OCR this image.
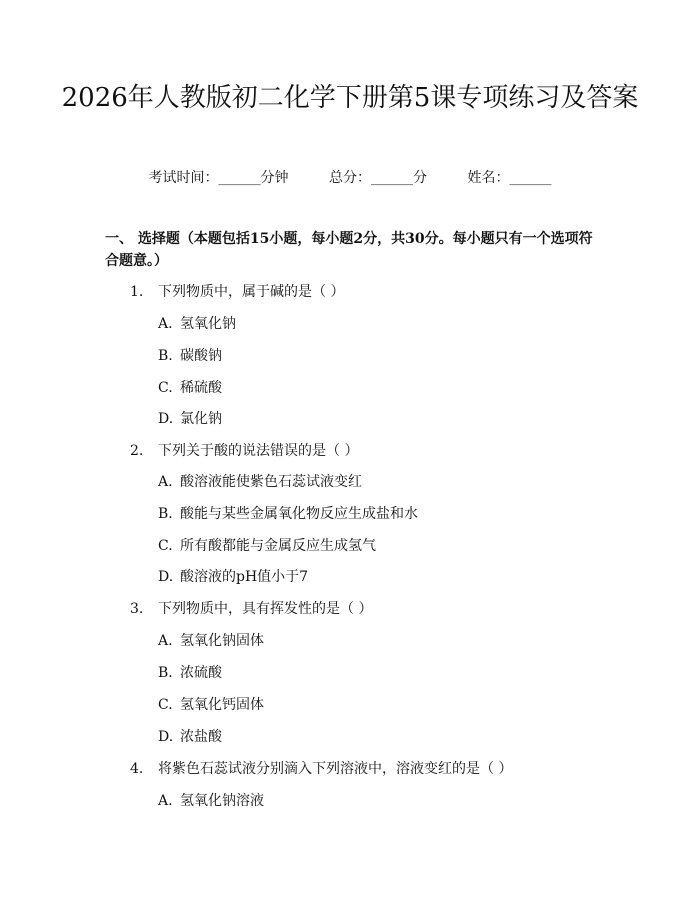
2026年人教版初二化学下册第5课专项练习及答案
考试时间：______分钟	总分：______分	姓名：______
一、 选择题（本题包括15小题，每小题2分，共30分。每小题只有一个选项符合题意。）
1. 下列物质中，属于碱的是（ ）
A. 氢氧化钠
B. 碳酸钠
C. 稀硫酸
D. 氯化钠
2. 下列关于酸的说法错误的是（ ）
A. 酸溶液能使紫色石蕊试液变红
B. 酸能与某些金属氧化物反应生成盐和水
C. 所有酸都能与金属反应生成氢气
D. 酸溶液的pH值小于7
3. 下列物质中，具有挥发性的是（ ）
A. 氢氧化钠固体
B. 浓硫酸
C. 氢氧化钙固体
D. 浓盐酸
4. 将紫色石蕊试液分别滴入下列溶液中，溶液变红的是（ ）
A. 氢氧化钠溶液
